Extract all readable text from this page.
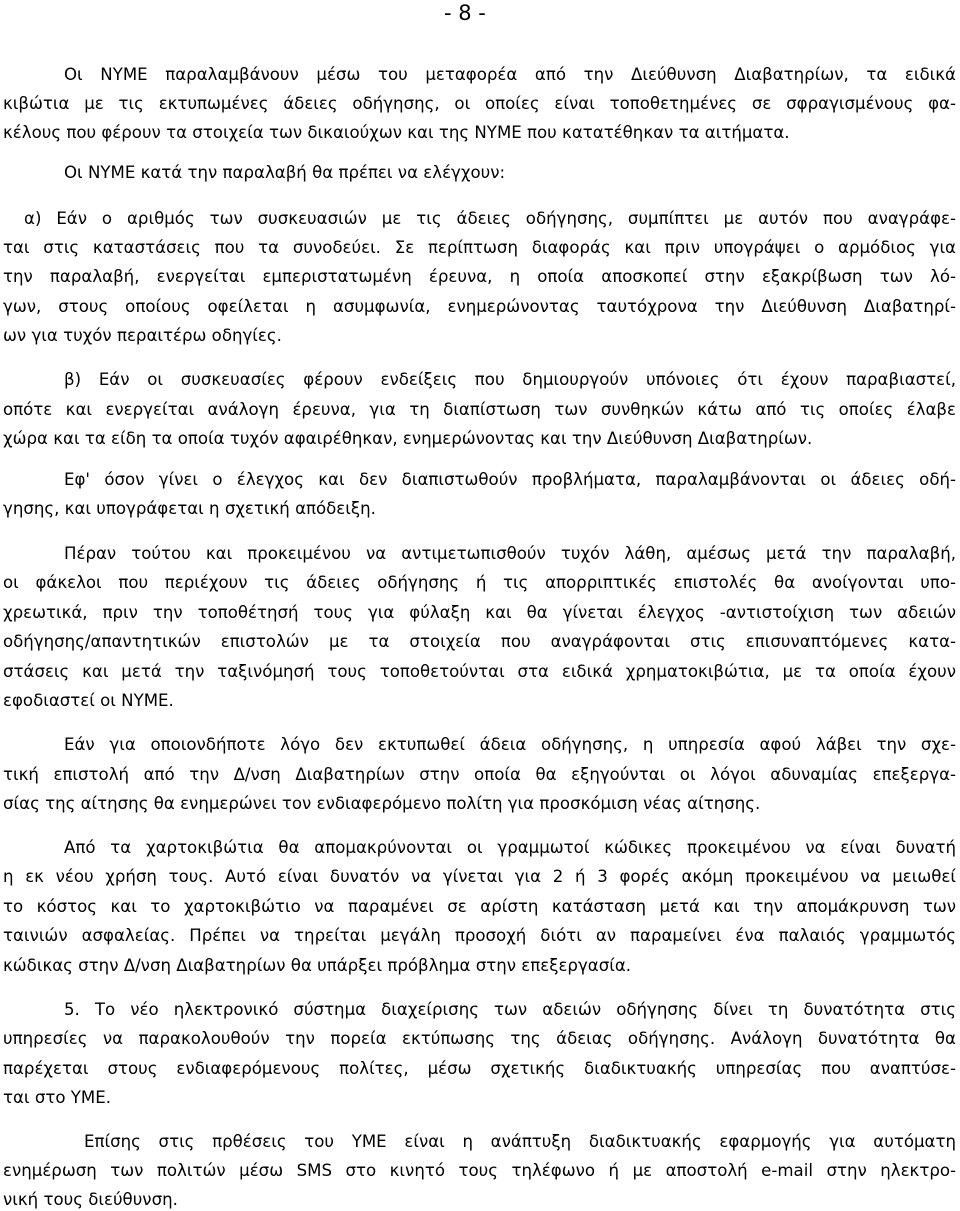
- 8 -
Οι ΝΥΜΕ παραλαμβάνουν μέσω του μεταφορέα από την Διεύθυνση Διαβατηρίων, τα ειδικά
κιβώτια με τις εκτυπωμένες άδειες οδήγησης, οι οποίες είναι τοποθετημένες σε σφραγισμένους φα-
κέλους που φέρουν τα στοιχεία των δικαιούχων και της ΝΥΜΕ που κατατέθηκαν τα αιτήματα.
Οι ΝΥΜΕ κατά την παραλαβή θα πρέπει να ελέγχουν:
α) Εάν ο αριθμός των συσκευασιών με τις άδειες οδήγησης, συμπίπτει με αυτόν που αναγράφε-
ται στις καταστάσεις που τα συνοδεύει. Σε περίπτωση διαφοράς και πριν υπογράψει ο αρμόδιος για
την παραλαβή, ενεργείται εμπεριστατωμένη έρευνα, η οποία αποσκοπεί στην εξακρίβωση των λό-
γων, στους οποίους οφείλεται η ασυμφωνία, ενημερώνοντας ταυτόχρονα την Διεύθυνση Διαβατηρί-
ων για τυχόν περαιτέρω οδηγίες.
β) Εάν οι συσκευασίες φέρουν ενδείξεις που δημιουργούν υπόνοιες ότι έχουν παραβιαστεί,
οπότε και ενεργείται ανάλογη έρευνα, για τη διαπίστωση των συνθηκών κάτω από τις οποίες έλαβε
χώρα και τα είδη τα οποία τυχόν αφαιρέθηκαν, ενημερώνοντας και την Διεύθυνση Διαβατηρίων.
Εφ' όσον γίνει ο έλεγχος και δεν διαπιστωθούν προβλήματα, παραλαμβάνονται οι άδειες οδή-
γησης, και υπογράφεται η σχετική απόδειξη.
Πέραν τούτου και προκειμένου να αντιμετωπισθούν τυχόν λάθη, αμέσως μετά την παραλαβή,
οι φάκελοι που περιέχουν τις άδειες οδήγησης ή τις απορριπτικές επιστολές θα ανοίγονται υπο-
χρεωτικά, πριν την τοποθέτησή τους για φύλαξη και θα γίνεται έλεγχος -αντιστοίχιση των αδειών
οδήγησης/απαντητικών επιστολών με τα στοιχεία που αναγράφονται στις επισυναπτόμενες κατα-
στάσεις και μετά την ταξινόμησή τους τοποθετούνται στα ειδικά χρηματοκιβώτια, με τα οποία έχουν
εφοδιαστεί οι ΝΥΜΕ.
Εάν για οποιονδήποτε λόγο δεν εκτυπωθεί άδεια οδήγησης, η υπηρεσία αφού λάβει την σχε-
τική επιστολή από την Δ/νση Διαβατηρίων στην οποία θα εξηγούνται οι λόγοι αδυναμίας επεξεργα-
σίας της αίτησης θα ενημερώνει τον ενδιαφερόμενο πολίτη για προσκόμιση νέας αίτησης.
Από τα χαρτοκιβώτια θα απομακρύνονται οι γραμμωτοί κώδικες προκειμένου να είναι δυνατή
η εκ νέου χρήση τους. Αυτό είναι δυνατόν να γίνεται για 2 ή 3 φορές ακόμη προκειμένου να μειωθεί
το κόστος και το χαρτοκιβώτιο να παραμένει σε αρίστη κατάσταση μετά και την απομάκρυνση των
ταινιών ασφαλείας. Πρέπει να τηρείται μεγάλη προσοχή διότι αν παραμείνει ένα παλαιός γραμμωτός
κώδικας στην Δ/νση Διαβατηρίων θα υπάρξει πρόβλημα στην επεξεργασία.
5. Το νέο ηλεκτρονικό σύστημα διαχείρισης των αδειών οδήγησης δίνει τη δυνατότητα στις
υπηρεσίες να παρακολουθούν την πορεία εκτύπωσης της άδειας οδήγησης. Ανάλογη δυνατότητα θα
παρέχεται στους ενδιαφερόμενους πολίτες, μέσω σχετικής διαδικτυακής υπηρεσίας που αναπτύσε-
ται στο ΥΜΕ.
Επίσης στις πρθέσεις του ΥΜΕ είναι η ανάπτυξη διαδικτυακής εφαρμογής για αυτόματη
ενημέρωση των πολιτών μέσω SMS στο κινητό τους τηλέφωνο ή με αποστολή e-mail στην ηλεκτρο-
νική τους διεύθυνση.
